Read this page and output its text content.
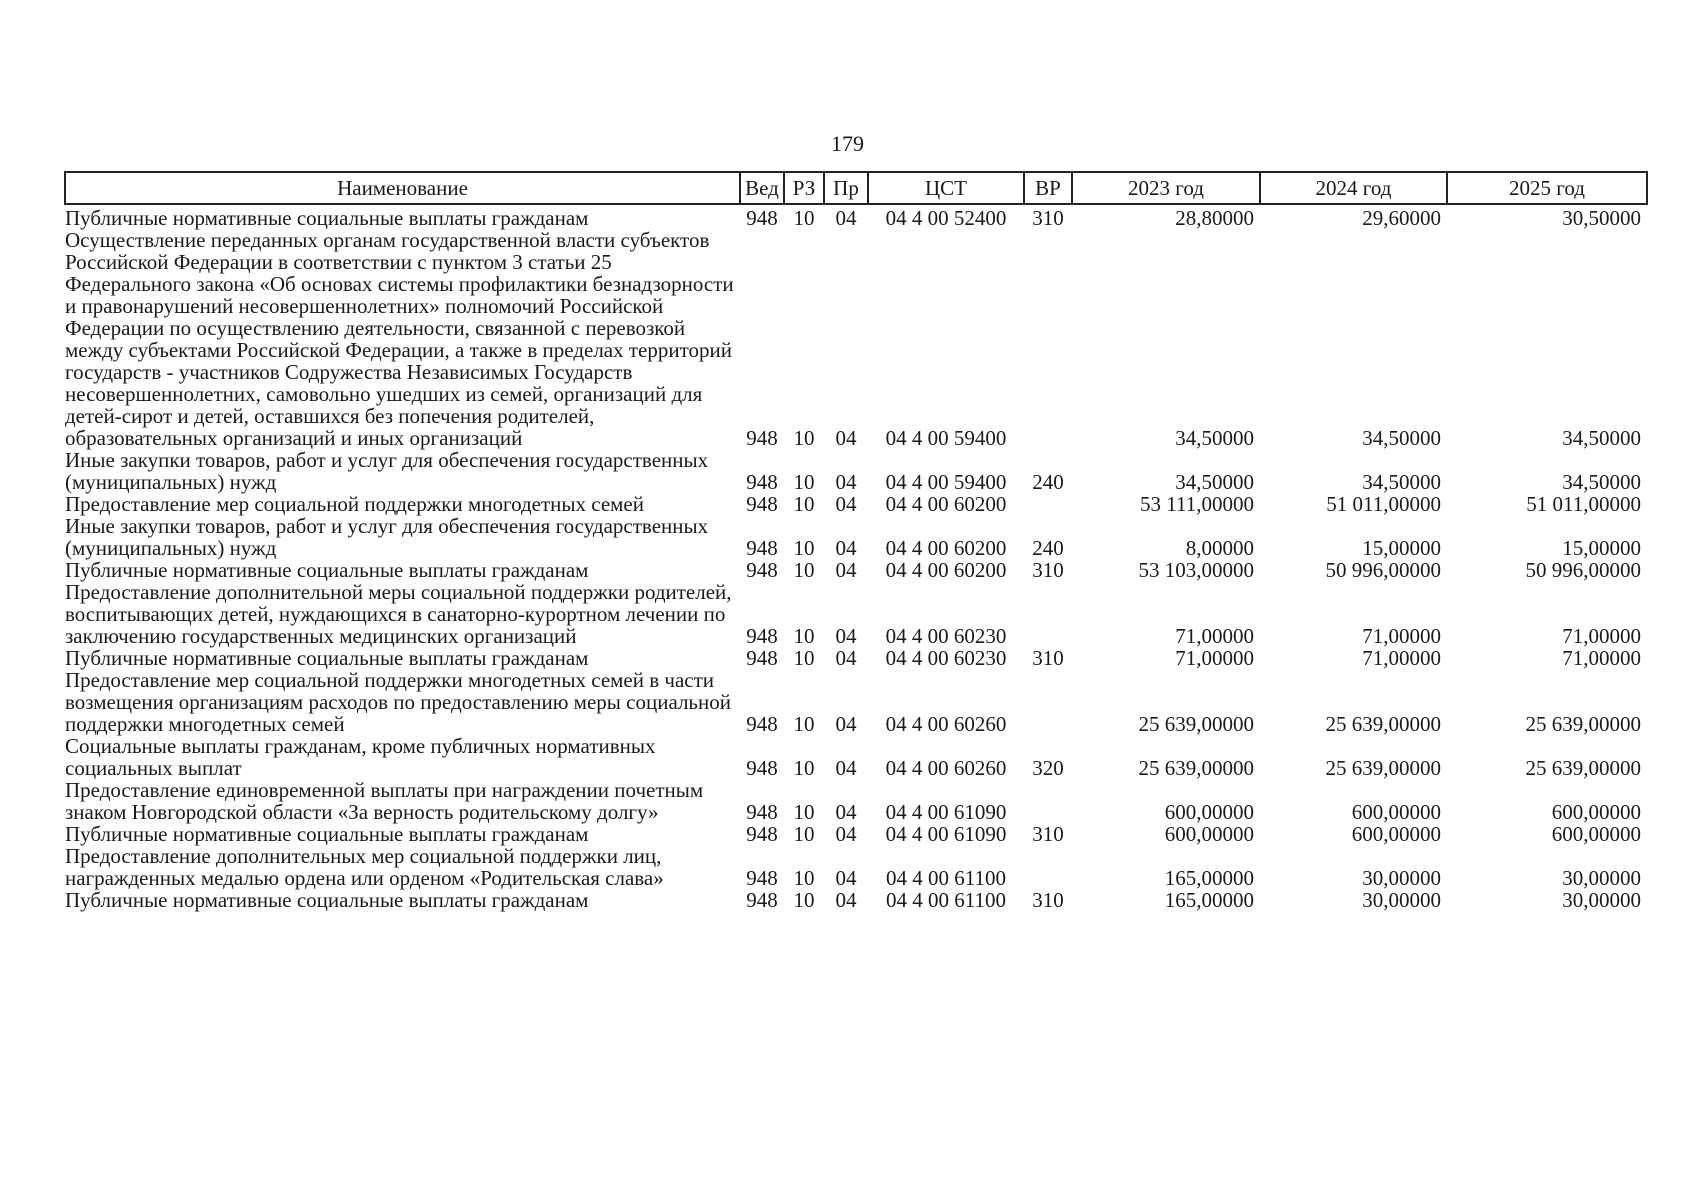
179
Наименование	Вед	РЗ	Пр	ЦСТ	ВР	2023 год	2024 год	2025 год
Публичные нормативные социальные выплаты гражданам	948	10	04	04 4 00 52400	310	28,80000	29,60000	30,50000
Осуществление переданных органам государственной власти субъектов Российской Федерации в соответствии с пунктом 3 статьи 25 Федерального закона «Об основах системы профилактики безнадзорности и правонарушений несовершеннолетних» полномочий Российской Федерации по осуществлению деятельности, связанной с перевозкой между субъектами Российской Федерации, а также в пределах территорий государств - участников Содружества Независимых Государств несовершеннолетних, самовольно ушедших из семей, организаций для детей-сирот и детей, оставшихся без попечения родителей, образовательных организаций и иных организаций	948	10	04	04 4 00 59400		34,50000	34,50000	34,50000
Иные закупки товаров, работ и услуг для обеспечения государственных (муниципальных) нужд	948	10	04	04 4 00 59400	240	34,50000	34,50000	34,50000
Предоставление мер социальной поддержки многодетных семей	948	10	04	04 4 00 60200		53 111,00000	51 011,00000	51 011,00000
Иные закупки товаров, работ и услуг для обеспечения государственных (муниципальных) нужд	948	10	04	04 4 00 60200	240	8,00000	15,00000	15,00000
Публичные нормативные социальные выплаты гражданам	948	10	04	04 4 00 60200	310	53 103,00000	50 996,00000	50 996,00000
Предоставление дополнительной меры социальной поддержки родителей, воспитывающих детей, нуждающихся в санаторно-курортном лечении по заключению государственных медицинских организаций	948	10	04	04 4 00 60230		71,00000	71,00000	71,00000
Публичные нормативные социальные выплаты гражданам	948	10	04	04 4 00 60230	310	71,00000	71,00000	71,00000
Предоставление мер социальной поддержки многодетных семей в части возмещения организациям расходов по предоставлению меры социальной поддержки многодетных семей	948	10	04	04 4 00 60260		25 639,00000	25 639,00000	25 639,00000
Социальные выплаты гражданам, кроме публичных нормативных социальных выплат	948	10	04	04 4 00 60260	320	25 639,00000	25 639,00000	25 639,00000
Предоставление единовременной выплаты при награждении почетным знаком Новгородской области «За верность родительскому долгу»	948	10	04	04 4 00 61090		600,00000	600,00000	600,00000
Публичные нормативные социальные выплаты гражданам	948	10	04	04 4 00 61090	310	600,00000	600,00000	600,00000
Предоставление дополнительных мер социальной поддержки лиц, награжденных медалью ордена или орденом «Родительская слава»	948	10	04	04 4 00 61100		165,00000	30,00000	30,00000
Публичные нормативные социальные выплаты гражданам	948	10	04	04 4 00 61100	310	165,00000	30,00000	30,00000
